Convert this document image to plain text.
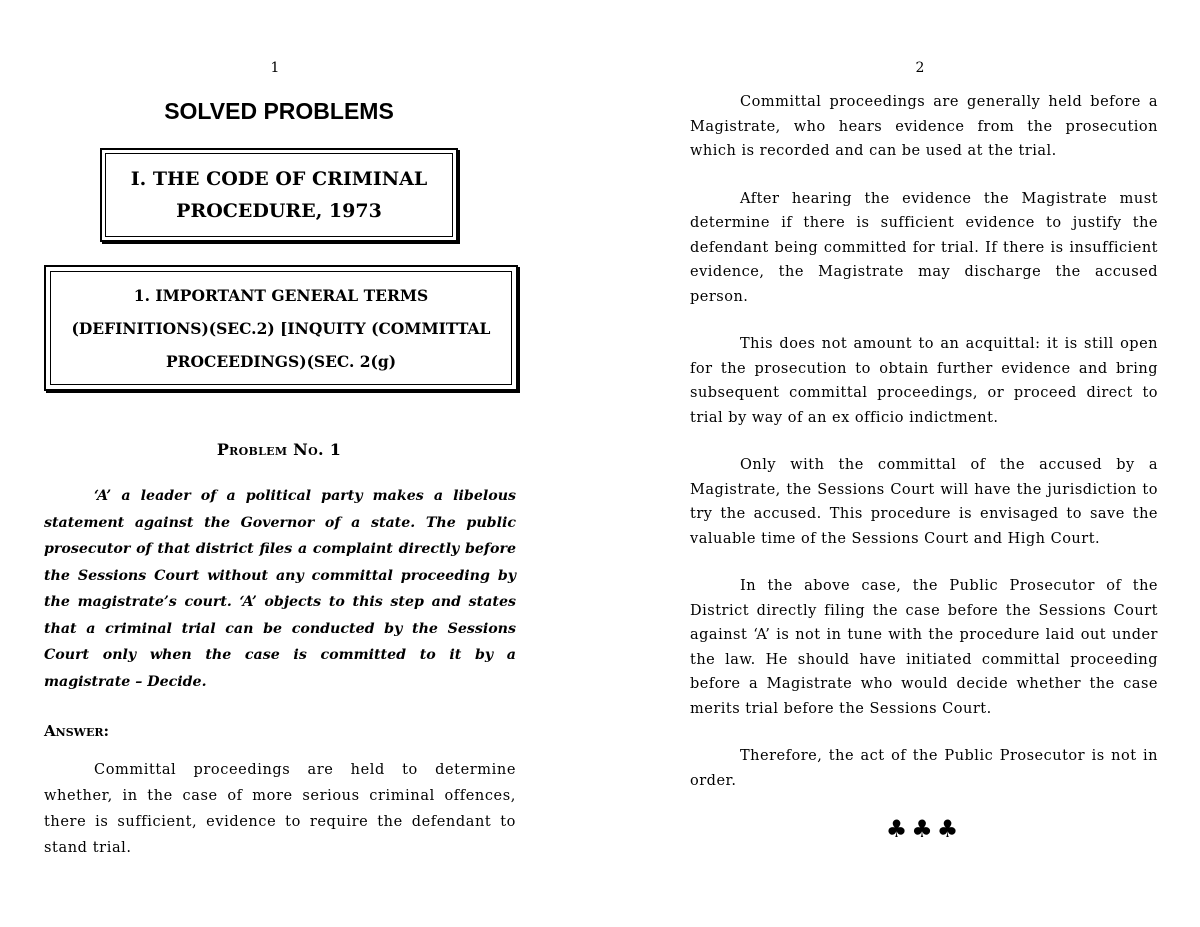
1
SOLVED PROBLEMS
I. THE CODE OF CRIMINAL
PROCEDURE, 1973
1. IMPORTANT GENERAL TERMS
(DEFINITIONS)(SEC.2) [INQUITY (COMMITTAL
PROCEEDINGS)(SEC. 2(g)
Problem No. 1

‘A’ a leader of a political party makes a libelous statement against the Governor of a state. The public prosecutor of that district files a complaint directly before the Sessions Court without any committal proceeding by the magistrate’s court. ‘A’ objects to this step and states that a criminal trial can be conducted by the Sessions Court only when the case is committed to it by a magistrate – Decide.

Answer:

Committal proceedings are held to determine whether, in the case of more serious criminal offences, there is sufficient, evidence to require the defendant to stand trial.

2

Committal proceedings are generally held before a Magistrate, who hears evidence from the prosecution which is recorded and can be used at the trial.

After hearing the evidence the Magistrate must determine if there is sufficient evidence to justify the defendant being committed for trial. If there is insufficient evidence, the Magistrate may discharge the accused person.

This does not amount to an acquittal: it is still open for the prosecution to obtain further evidence and bring subsequent committal proceedings, or proceed direct to trial by way of an ex officio indictment.

Only with the committal of the accused by a Magistrate, the Sessions Court will have the jurisdiction to try the accused. This procedure is envisaged to save the valuable time of the Sessions Court and High Court.

In the above case, the Public Prosecutor of the District directly filing the case before the Sessions Court against ‘A’ is not in tune with the procedure laid out under the law. He should have initiated committal proceeding before a Magistrate who would decide whether the case merits trial before the Sessions Court.

Therefore, the act of the Public Prosecutor is not in order.

♣♣♣
